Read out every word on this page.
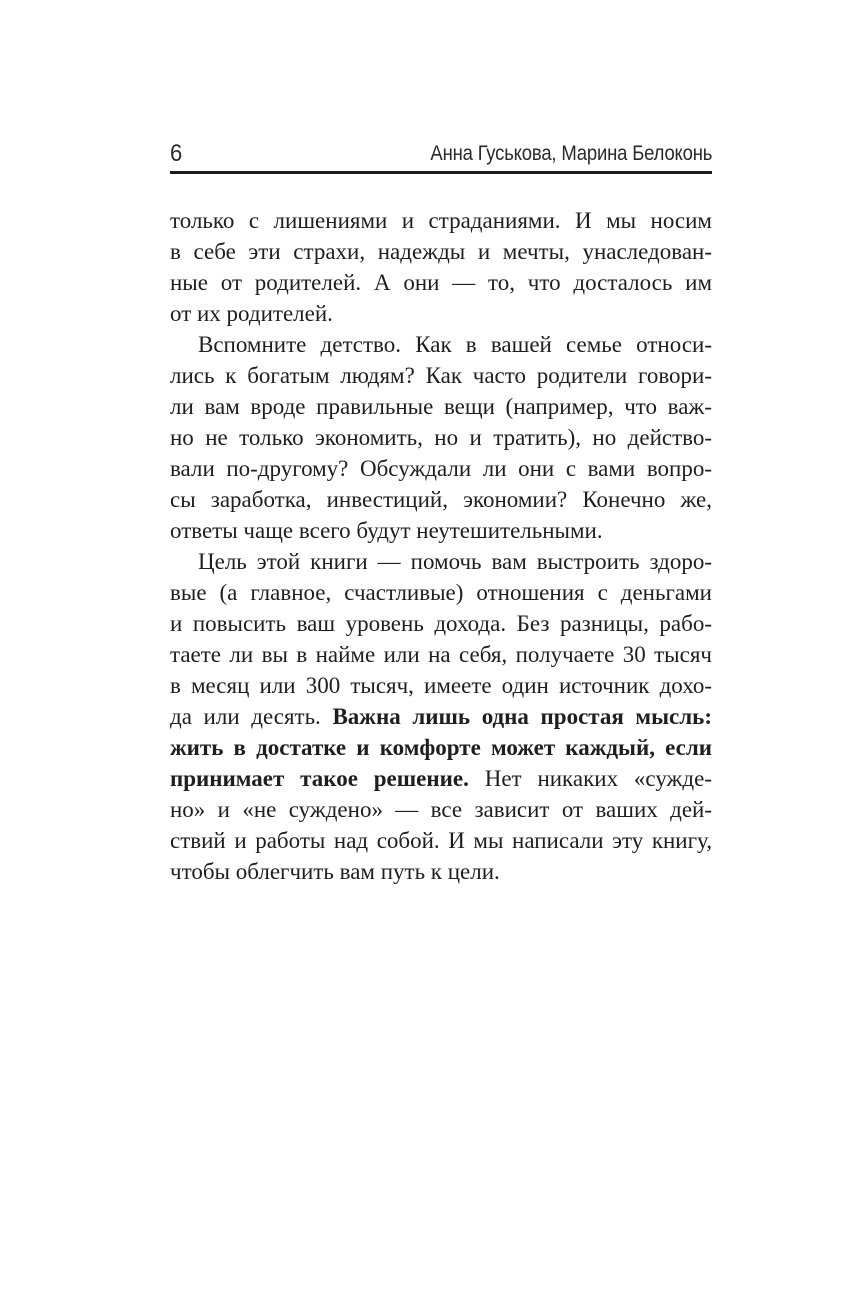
6	Анна Гуськова, Марина Белоконь
только с лишениями и страданиями. И мы носим
в себе эти страхи, надежды и мечты, унаследован-
ные от родителей. А они — то, что досталось им
от их родителей.
Вспомните детство. Как в вашей семье относи-
лись к богатым людям? Как часто родители говори-
ли вам вроде правильные вещи (например, что важ-
но не только экономить, но и тратить), но действо-
вали по-другому? Обсуждали ли они с вами вопро-
сы заработка, инвестиций, экономии? Конечно же,
ответы чаще всего будут неутешительными.
Цель этой книги — помочь вам выстроить здоро-
вые (а главное, счастливые) отношения с деньгами
и повысить ваш уровень дохода. Без разницы, рабо-
таете ли вы в найме или на себя, получаете 30 тысяч
в месяц или 300 тысяч, имеете один источник дохо-
да или десять. Важна лишь одна простая мысль:
жить в достатке и комфорте может каждый, если
принимает такое решение. Нет никаких «сужде-
но» и «не суждено» — все зависит от ваших дей-
ствий и работы над собой. И мы написали эту книгу,
чтобы облегчить вам путь к цели.
